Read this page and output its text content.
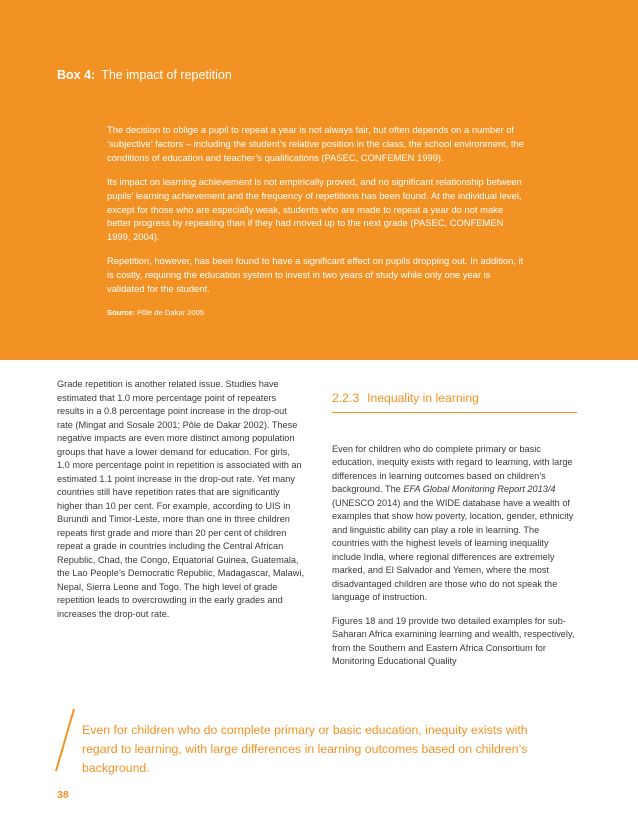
Box 4: The impact of repetition

The decision to oblige a pupil to repeat a year is not always fair, but often depends on a number of ‘subjective’ factors – including the student’s relative position in the class, the school environment, the conditions of education and teacher’s qualifications (PASEC, CONFEMEN 1999).

Its impact on learning achievement is not empirically proved, and no significant relationship between pupils’ learning achievement and the frequency of repetitions has been found. At the individual level, except for those who are especially weak, students who are made to repeat a year do not make better progress by repeating than if they had moved up to the next grade (PASEC, CONFEMEN 1999, 2004).

Repetition, however, has been found to have a significant effect on pupils dropping out. In addition, it is costly, requiring the education system to invest in two years of study while only one year is validated for the student.

Source: Pôle de Dakar 2005

Grade repetition is another related issue. Studies have estimated that 1.0 more percentage point of repeaters results in a 0.8 percentage point increase in the drop-out rate (Mingat and Sosale 2001; Pôle de Dakar 2002). These negative impacts are even more distinct among population groups that have a lower demand for education. For girls, 1.0 more percentage point in repetition is associated with an estimated 1.1 point increase in the drop-out rate. Yet many countries still have repetition rates that are significantly higher than 10 per cent. For example, according to UIS in Burundi and Timor-Leste, more than one in three children repeats first grade and more than 20 per cent of children repeat a grade in countries including the Central African Republic, Chad, the Congo, Equatorial Guinea, Guatemala, the Lao People’s Democratic Republic, Madagascar, Malawi, Nepal, Sierra Leone and Togo. The high level of grade repetition leads to overcrowding in the early grades and increases the drop-out rate.

2.2.3 Inequality in learning

Even for children who do complete primary or basic education, inequity exists with regard to learning, with large differences in learning outcomes based on children’s background. The EFA Global Monitoring Report 2013/4 (UNESCO 2014) and the WIDE database have a wealth of examples that show how poverty, location, gender, ethnicity and linguistic ability can play a role in learning. The countries with the highest levels of learning inequality include India, where regional differences are extremely marked, and El Salvador and Yemen, where the most disadvantaged children are those who do not speak the language of instruction.

Figures 18 and 19 provide two detailed examples for sub-Saharan Africa examining learning and wealth, respectively, from the Southern and Eastern Africa Consortium for Monitoring Educational Quality

Even for children who do complete primary or basic education, inequity exists with regard to learning, with large differences in learning outcomes based on children’s background.
38
